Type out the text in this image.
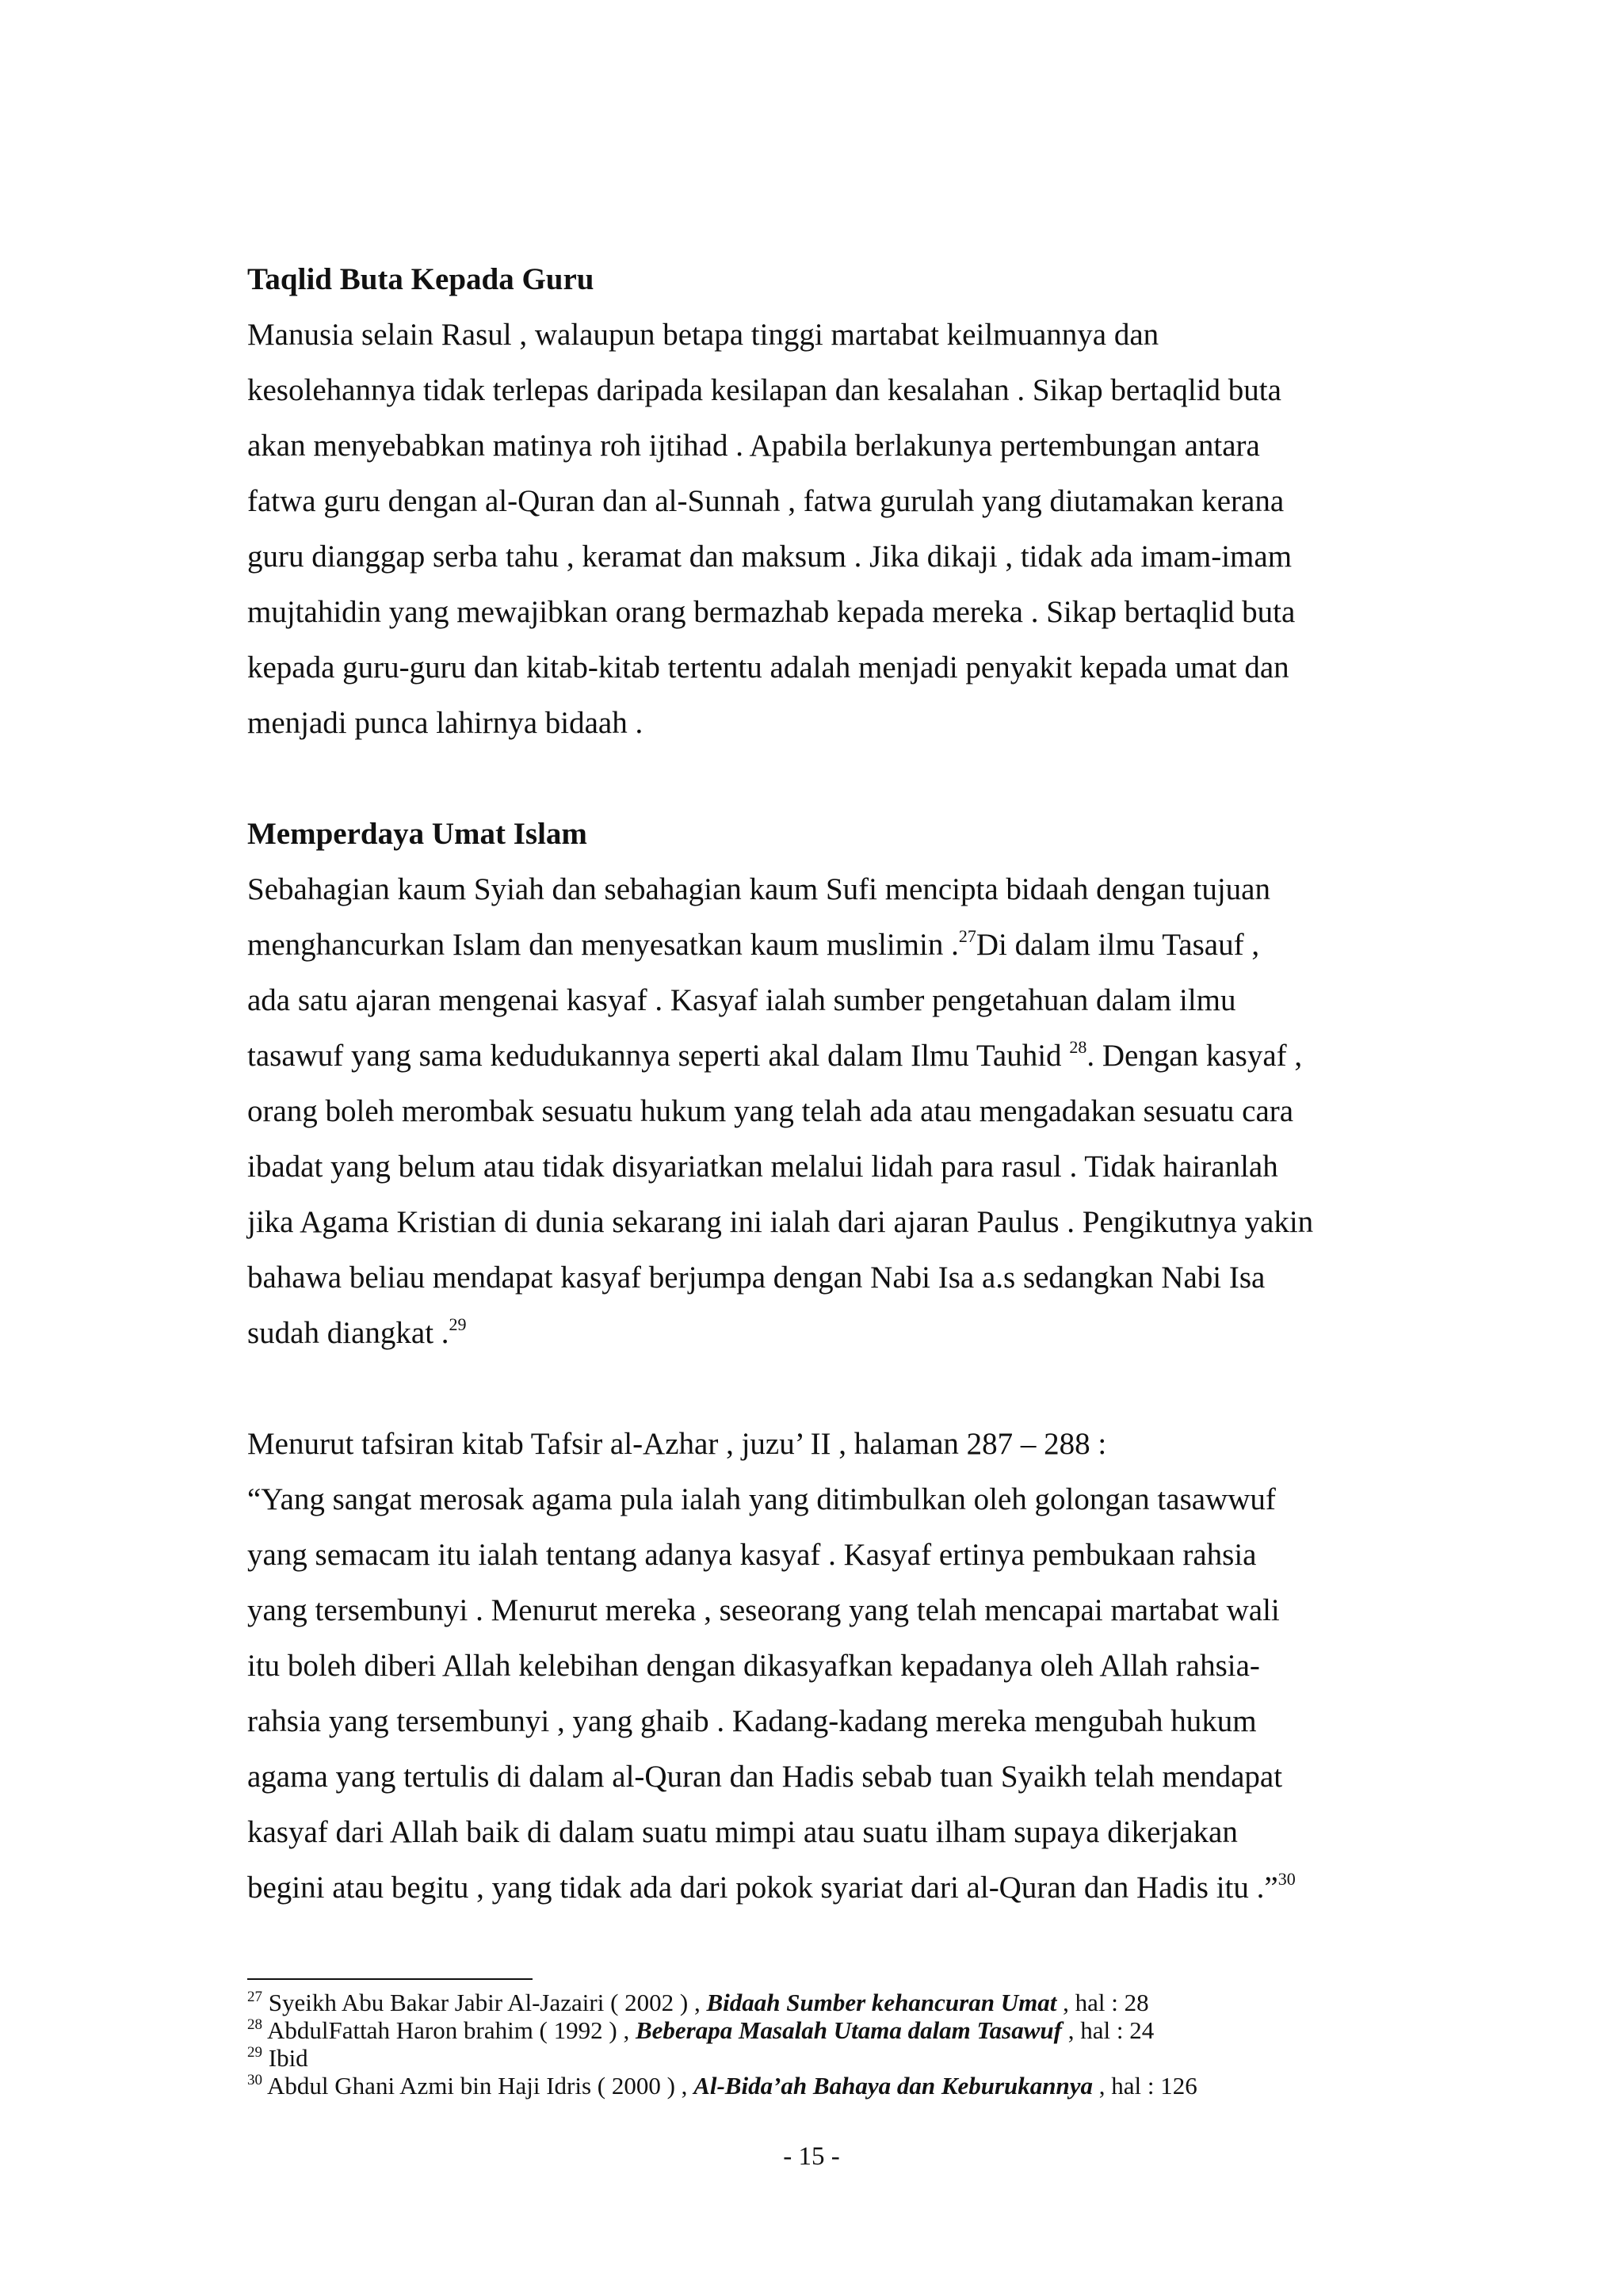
Taqlid Buta Kepada Guru

Manusia selain Rasul , walaupun betapa tinggi martabat keilmuannya dan

kesolehannya tidak terlepas daripada kesilapan dan kesalahan . Sikap bertaqlid buta

akan menyebabkan matinya roh ijtihad . Apabila berlakunya pertembungan antara

fatwa guru dengan al-Quran dan al-Sunnah , fatwa gurulah yang diutamakan kerana

guru dianggap serba tahu , keramat dan maksum . Jika dikaji , tidak ada imam-imam

mujtahidin yang mewajibkan orang bermazhab kepada mereka . Sikap bertaqlid buta

kepada guru-guru dan kitab-kitab tertentu adalah menjadi penyakit kepada umat dan

menjadi punca lahirnya bidaah .

Memperdaya Umat Islam

Sebahagian kaum Syiah dan sebahagian kaum Sufi mencipta bidaah dengan tujuan

menghancurkan Islam dan menyesatkan kaum muslimin .$^{27}$Di dalam ilmu Tasauf ,

ada satu ajaran mengenai kasyaf . Kasyaf ialah sumber pengetahuan dalam ilmu

tasawuf yang sama kedudukannya seperti akal dalam Ilmu Tauhid $^{28}$. Dengan kasyaf ,

orang boleh merombak sesuatu hukum yang telah ada atau mengadakan sesuatu cara

ibadat yang belum atau tidak disyariatkan melalui lidah para rasul . Tidak hairanlah

jika Agama Kristian di dunia sekarang ini ialah dari ajaran Paulus . Pengikutnya yakin

bahawa beliau mendapat kasyaf berjumpa dengan Nabi Isa a.s sedangkan Nabi Isa

sudah diangkat .$^{29}$

Menurut tafsiran kitab Tafsir al-Azhar , juzu’ II , halaman 287 – 288 :

“Yang sangat merosak agama pula ialah yang ditimbulkan oleh golongan tasawwuf

yang semacam itu ialah tentang adanya kasyaf . Kasyaf ertinya pembukaan rahsia

yang tersembunyi . Menurut mereka , seseorang yang telah mencapai martabat wali

itu boleh diberi Allah kelebihan dengan dikasyafkan kepadanya oleh Allah rahsia-

rahsia yang tersembunyi , yang ghaib . Kadang-kadang mereka mengubah hukum

agama yang tertulis di dalam al-Quran dan Hadis sebab tuan Syaikh telah mendapat

kasyaf dari Allah baik di dalam suatu mimpi atau suatu ilham supaya dikerjakan

begini atau begitu , yang tidak ada dari pokok syariat dari al-Quran dan Hadis itu .”$^{30}$

$^{27}$ Syeikh Abu Bakar Jabir Al-Jazairi ( 2002 ) , Bidaah Sumber kehancuran Umat , hal : 28
$^{28}$ AbdulFattah Haron brahim ( 1992 ) , Beberapa Masalah Utama dalam Tasawuf , hal : 24
$^{29}$ Ibid
$^{30}$ Abdul Ghani Azmi bin Haji Idris ( 2000 ) , Al-Bida’ah Bahaya dan Keburukannya , hal : 126
- 15 -
